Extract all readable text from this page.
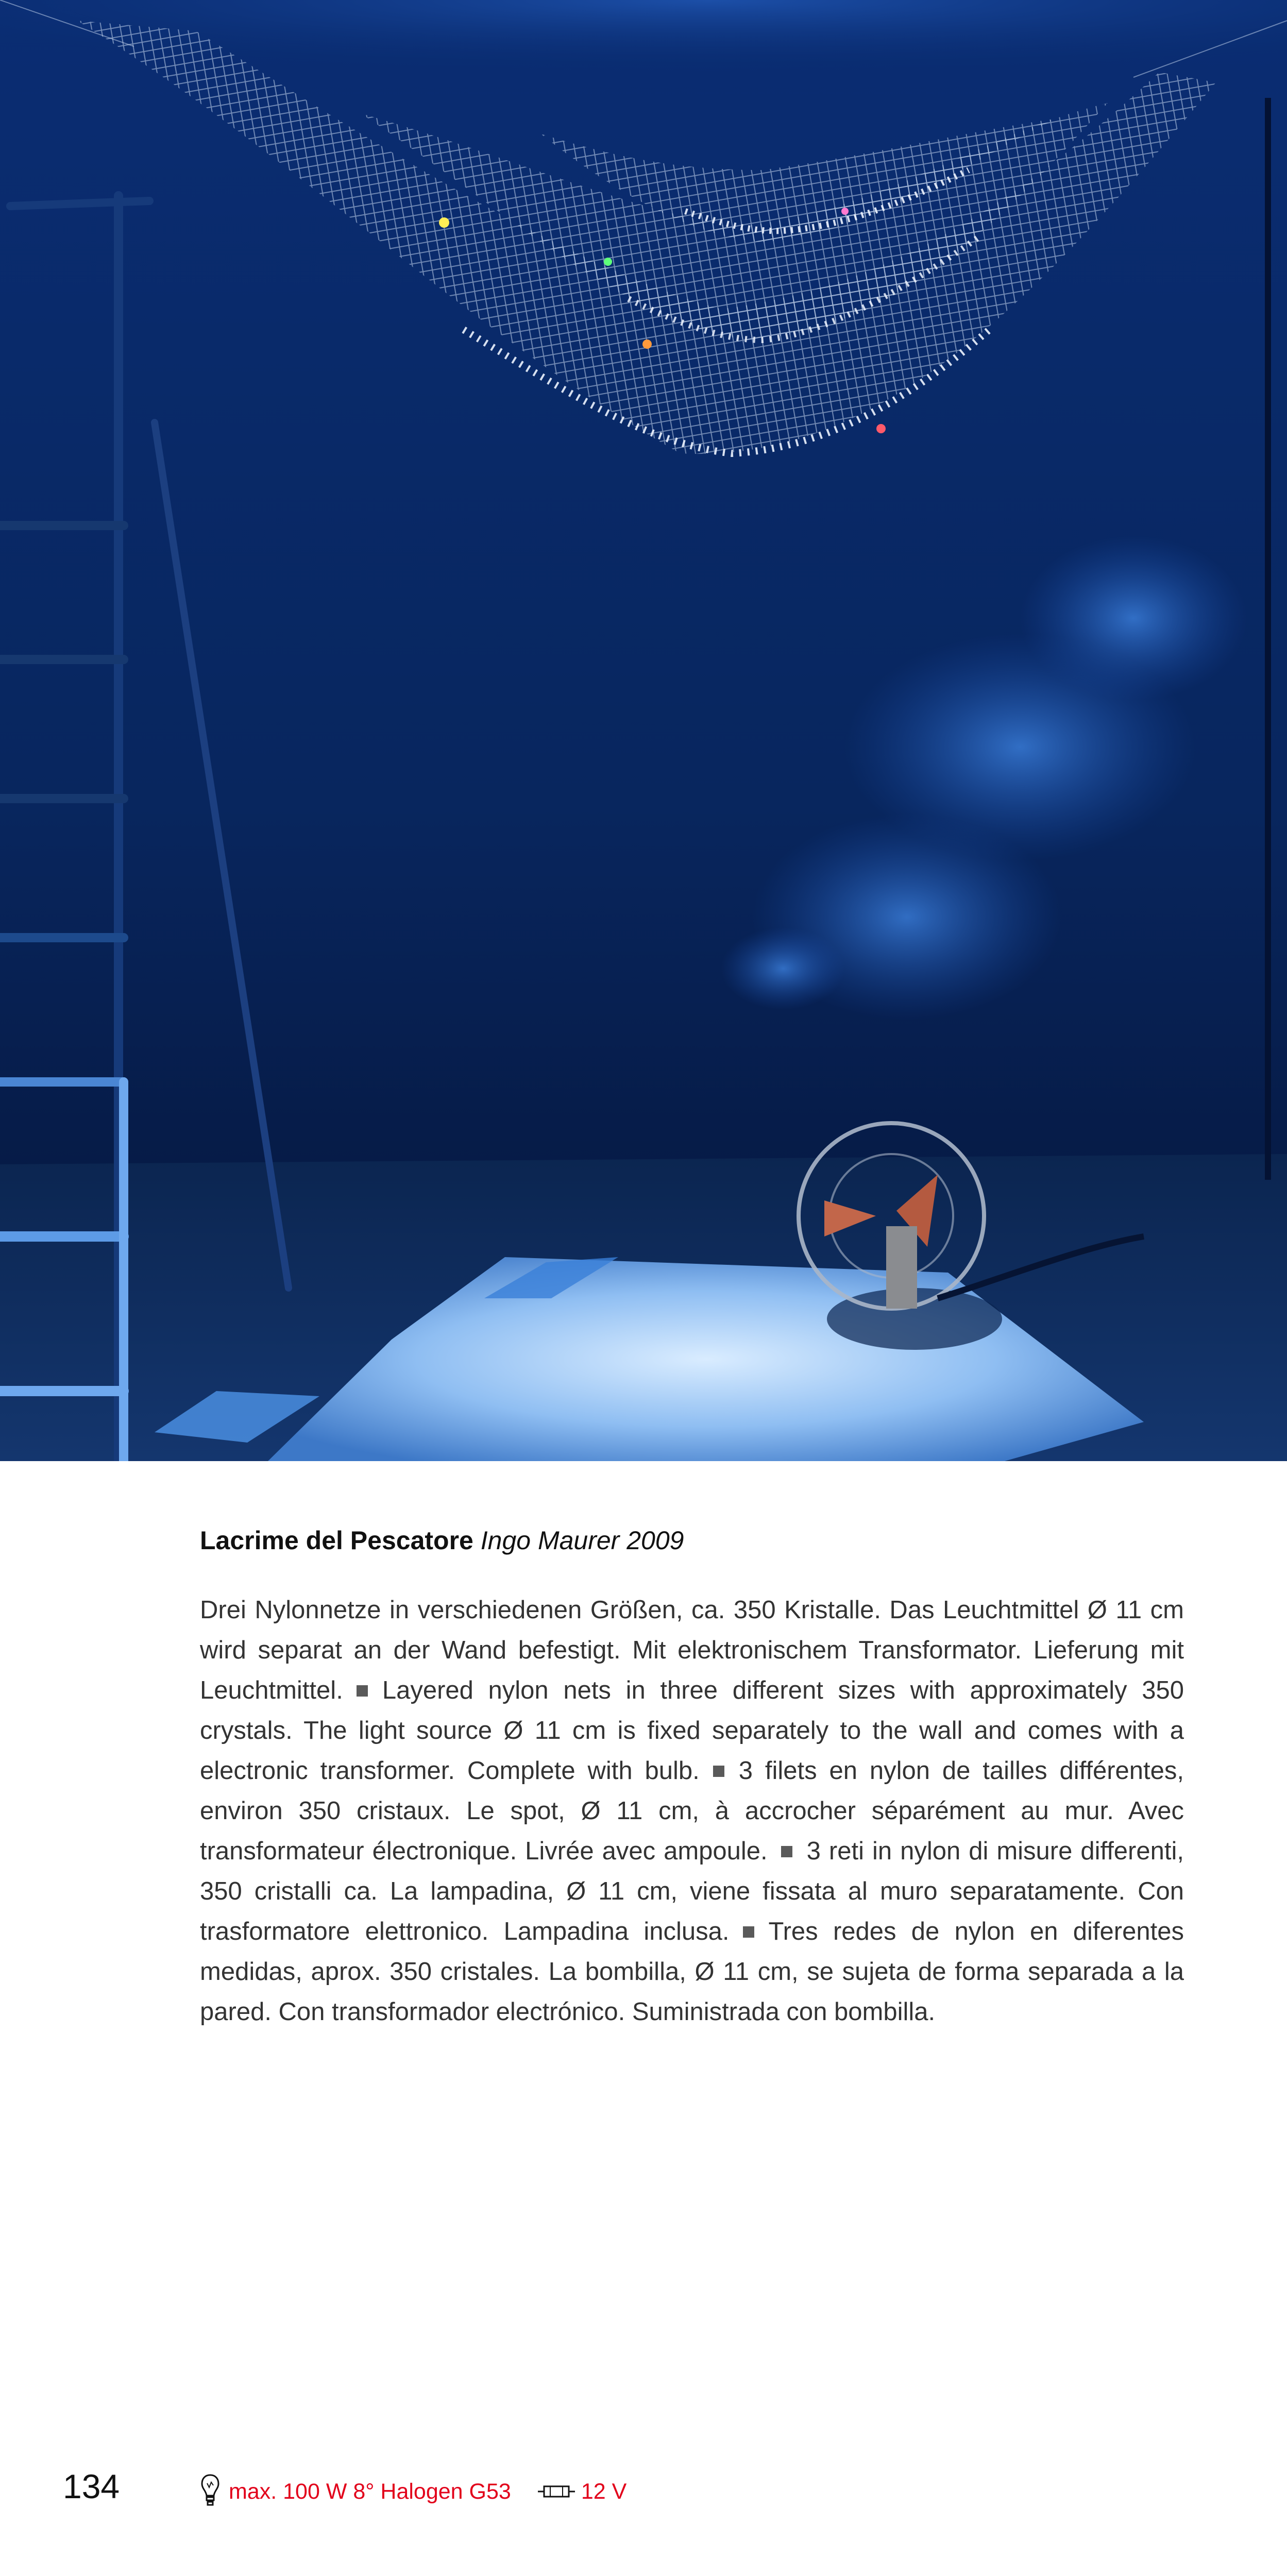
Lacrime del Pescatore Ingo Maurer 2009
Drei Nylonnetze in verschiedenen Größen, ca. 350 Kristalle. Das Leuchtmittel Ø 11 cm wird separat an der Wand befestigt. Mit elektronischem Transformator. Lieferung mit Leuchtmittel. Layered nylon nets in three different sizes with approximately 350 crystals. The light source Ø 11 cm is fixed separately to the wall and comes with a electronic transformer. Complete with bulb. 3 filets en nylon de tailles différentes, environ 350 cristaux. Le spot, Ø 11 cm, à accrocher séparément au mur. Avec transformateur électronique. Livrée avec ampoule. 3 reti in nylon di misure differenti, 350 cristalli ca. La lampadina, Ø 11 cm, viene fissata al muro separatamente. Con trasformatore elettronico. Lampadina inclusa. Tres redes de nylon en diferentes medidas, aprox. 350 cristales. La bombilla, Ø 11 cm, se sujeta de forma separada a la pared. Con transformador electrónico. Suministrada con bombilla.
134	max. 100 W 8° Halogen G53	12 V
